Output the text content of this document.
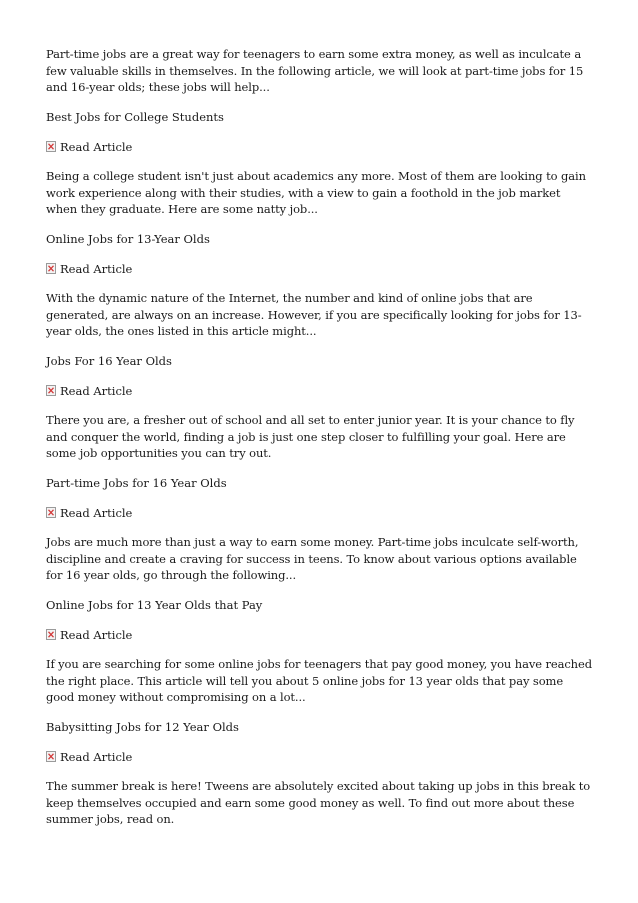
Part-time jobs are a great way for teenagers to earn some extra money, as well as inculcate a few valuable skills in themselves. In the following article, we will look at part-time jobs for 15 and 16-year olds; these jobs will help...

Best Jobs for College Students
Read Article

Being a college student isn't just about academics any more. Most of them are looking to gain work experience along with their studies, with a view to gain a foothold in the job market when they graduate. Here are some natty job...

Online Jobs for 13-Year Olds
Read Article

With the dynamic nature of the Internet, the number and kind of online jobs that are generated, are always on an increase. However, if you are specifically looking for jobs for 13-year olds, the ones listed in this article might...

Jobs For 16 Year Olds
Read Article

There you are, a fresher out of school and all set to enter junior year. It is your chance to fly and conquer the world, finding a job is just one step closer to fulfilling your goal. Here are some job opportunities you can try out.

Part-time Jobs for 16 Year Olds
Read Article

Jobs are much more than just a way to earn some money. Part-time jobs inculcate self-worth, discipline and create a craving for success in teens. To know about various options available for 16 year olds, go through the following...

Online Jobs for 13 Year Olds that Pay
Read Article

If you are searching for some online jobs for teenagers that pay good money, you have reached the right place. This article will tell you about 5 online jobs for 13 year olds that pay some good money without compromising on a lot...

Babysitting Jobs for 12 Year Olds
Read Article

The summer break is here! Tweens are absolutely excited about taking up jobs in this break to keep themselves occupied and earn some good money as well. To find out more about these summer jobs, read on.
